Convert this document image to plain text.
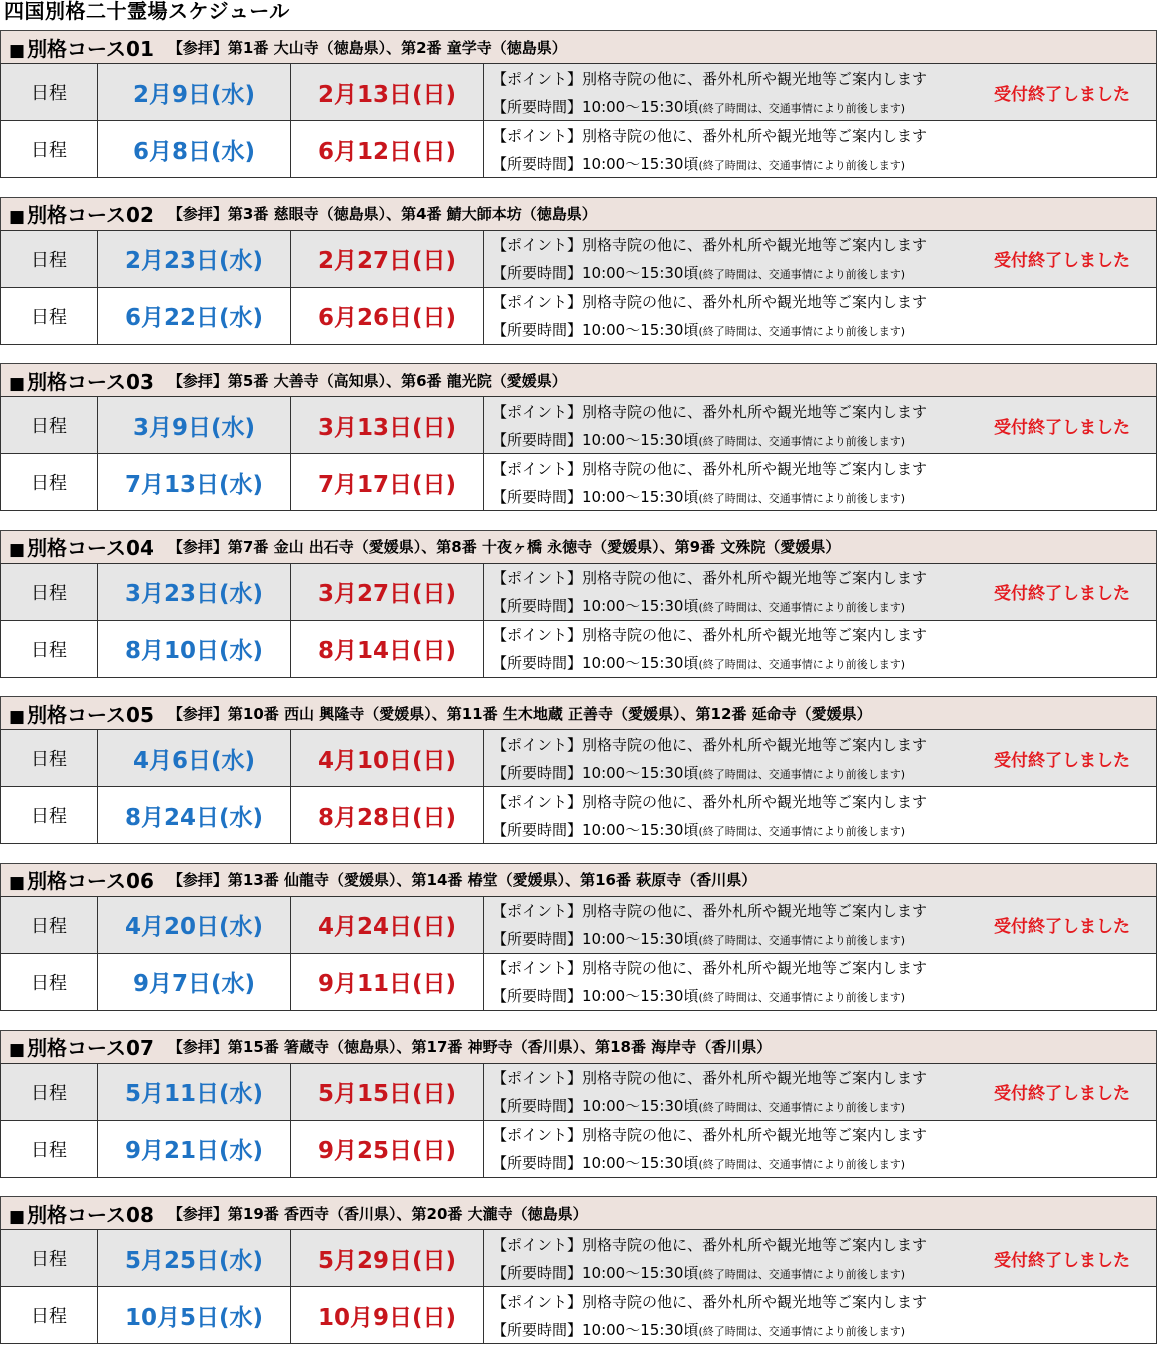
四国別格二十霊場スケジュール
■ 別格コース01 【参拝】第1番 大山寺（徳島県）、第2番 童学寺（徳島県）
日程	2月9日(水)	2月13日(日)	【ポイント】別格寺院の他に、番外札所や観光地等ご案内します
【所要時間】10:00～15:30頃(終了時間は、交通事情により前後します)
受付終了しました

日程	6月8日(水)	6月12日(日)	【ポイント】別格寺院の他に、番外札所や観光地等ご案内します
【所要時間】10:00～15:30頃(終了時間は、交通事情により前後します)
■ 別格コース02 【参拝】第3番 慈眼寺（徳島県）、第4番 鯖大師本坊（徳島県）
日程	2月23日(水)	2月27日(日)	【ポイント】別格寺院の他に、番外札所や観光地等ご案内します
【所要時間】10:00～15:30頃(終了時間は、交通事情により前後します)
受付終了しました

日程	6月22日(水)	6月26日(日)	【ポイント】別格寺院の他に、番外札所や観光地等ご案内します
【所要時間】10:00～15:30頃(終了時間は、交通事情により前後します)
■ 別格コース03 【参拝】第5番 大善寺（高知県）、第6番 龍光院（愛媛県）
日程	3月9日(水)	3月13日(日)	【ポイント】別格寺院の他に、番外札所や観光地等ご案内します
【所要時間】10:00～15:30頃(終了時間は、交通事情により前後します)
受付終了しました

日程	7月13日(水)	7月17日(日)	【ポイント】別格寺院の他に、番外札所や観光地等ご案内します
【所要時間】10:00～15:30頃(終了時間は、交通事情により前後します)
■ 別格コース04 【参拝】第7番 金山 出石寺（愛媛県）、第8番 十夜ヶ橋 永徳寺（愛媛県）、第9番 文殊院（愛媛県）
日程	3月23日(水)	3月27日(日)	【ポイント】別格寺院の他に、番外札所や観光地等ご案内します
【所要時間】10:00～15:30頃(終了時間は、交通事情により前後します)
受付終了しました

日程	8月10日(水)	8月14日(日)	【ポイント】別格寺院の他に、番外札所や観光地等ご案内します
【所要時間】10:00～15:30頃(終了時間は、交通事情により前後します)
■ 別格コース05 【参拝】第10番 西山 興隆寺（愛媛県）、第11番 生木地蔵 正善寺（愛媛県）、第12番 延命寺（愛媛県）
日程	4月6日(水)	4月10日(日)	【ポイント】別格寺院の他に、番外札所や観光地等ご案内します
【所要時間】10:00～15:30頃(終了時間は、交通事情により前後します)
受付終了しました

日程	8月24日(水)	8月28日(日)	【ポイント】別格寺院の他に、番外札所や観光地等ご案内します
【所要時間】10:00～15:30頃(終了時間は、交通事情により前後します)
■ 別格コース06 【参拝】第13番 仙龍寺（愛媛県）、第14番 椿堂（愛媛県）、第16番 萩原寺（香川県）
日程	4月20日(水)	4月24日(日)	【ポイント】別格寺院の他に、番外札所や観光地等ご案内します
【所要時間】10:00～15:30頃(終了時間は、交通事情により前後します)
受付終了しました

日程	9月7日(水)	9月11日(日)	【ポイント】別格寺院の他に、番外札所や観光地等ご案内します
【所要時間】10:00～15:30頃(終了時間は、交通事情により前後します)
■ 別格コース07 【参拝】第15番 箸蔵寺（徳島県）、第17番 神野寺（香川県）、第18番 海岸寺（香川県）
日程	5月11日(水)	5月15日(日)	【ポイント】別格寺院の他に、番外札所や観光地等ご案内します
【所要時間】10:00～15:30頃(終了時間は、交通事情により前後します)
受付終了しました

日程	9月21日(水)	9月25日(日)	【ポイント】別格寺院の他に、番外札所や観光地等ご案内します
【所要時間】10:00～15:30頃(終了時間は、交通事情により前後します)
■ 別格コース08 【参拝】第19番 香西寺（香川県）、第20番 大瀧寺（徳島県）
日程	5月25日(水)	5月29日(日)	【ポイント】別格寺院の他に、番外札所や観光地等ご案内します
【所要時間】10:00～15:30頃(終了時間は、交通事情により前後します)
受付終了しました

日程	10月5日(水)	10月9日(日)	【ポイント】別格寺院の他に、番外札所や観光地等ご案内します
【所要時間】10:00～15:30頃(終了時間は、交通事情により前後します)
